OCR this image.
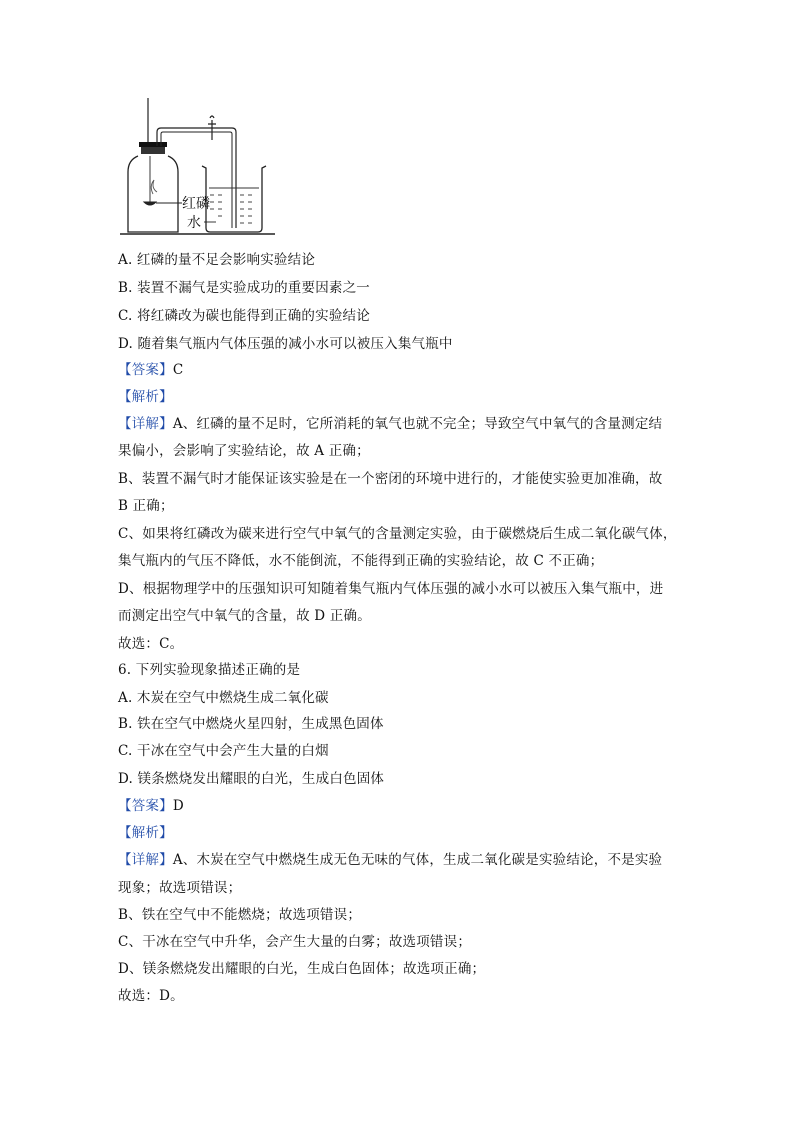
红磷
水
A. 红磷的量不足会影响实验结论
B. 装置不漏气是实验成功的重要因素之一
C. 将红磷改为碳也能得到正确的实验结论
D. 随着集气瓶内气体压强的减小水可以被压入集气瓶中
【答案】C
【解析】
【详解】A、红磷的量不足时，它所消耗的氧气也就不完全；导致空气中氧气的含量测定结
果偏小，会影响了实验结论，故 A 正确；
B、装置不漏气时才能保证该实验是在一个密闭的环境中进行的，才能使实验更加准确，故
B 正确；
C、如果将红磷改为碳来进行空气中氧气的含量测定实验，由于碳燃烧后生成二氧化碳气体，
集气瓶内的气压不降低，水不能倒流，不能得到正确的实验结论，故 C 不正确；
D、根据物理学中的压强知识可知随着集气瓶内气体压强的减小水可以被压入集气瓶中，进
而测定出空气中氧气的含量，故 D 正确。
故选：C。
6. 下列实验现象描述正确的是
A. 木炭在空气中燃烧生成二氧化碳
B. 铁在空气中燃烧火星四射，生成黑色固体
C. 干冰在空气中会产生大量的白烟
D. 镁条燃烧发出耀眼的白光，生成白色固体
【答案】D
【解析】
【详解】A、木炭在空气中燃烧生成无色无味的气体，生成二氧化碳是实验结论，不是实验
现象；故选项错误；
B、铁在空气中不能燃烧；故选项错误；
C、干冰在空气中升华，会产生大量的白雾；故选项错误；
D、镁条燃烧发出耀眼的白光，生成白色固体；故选项正确；
故选：D。
